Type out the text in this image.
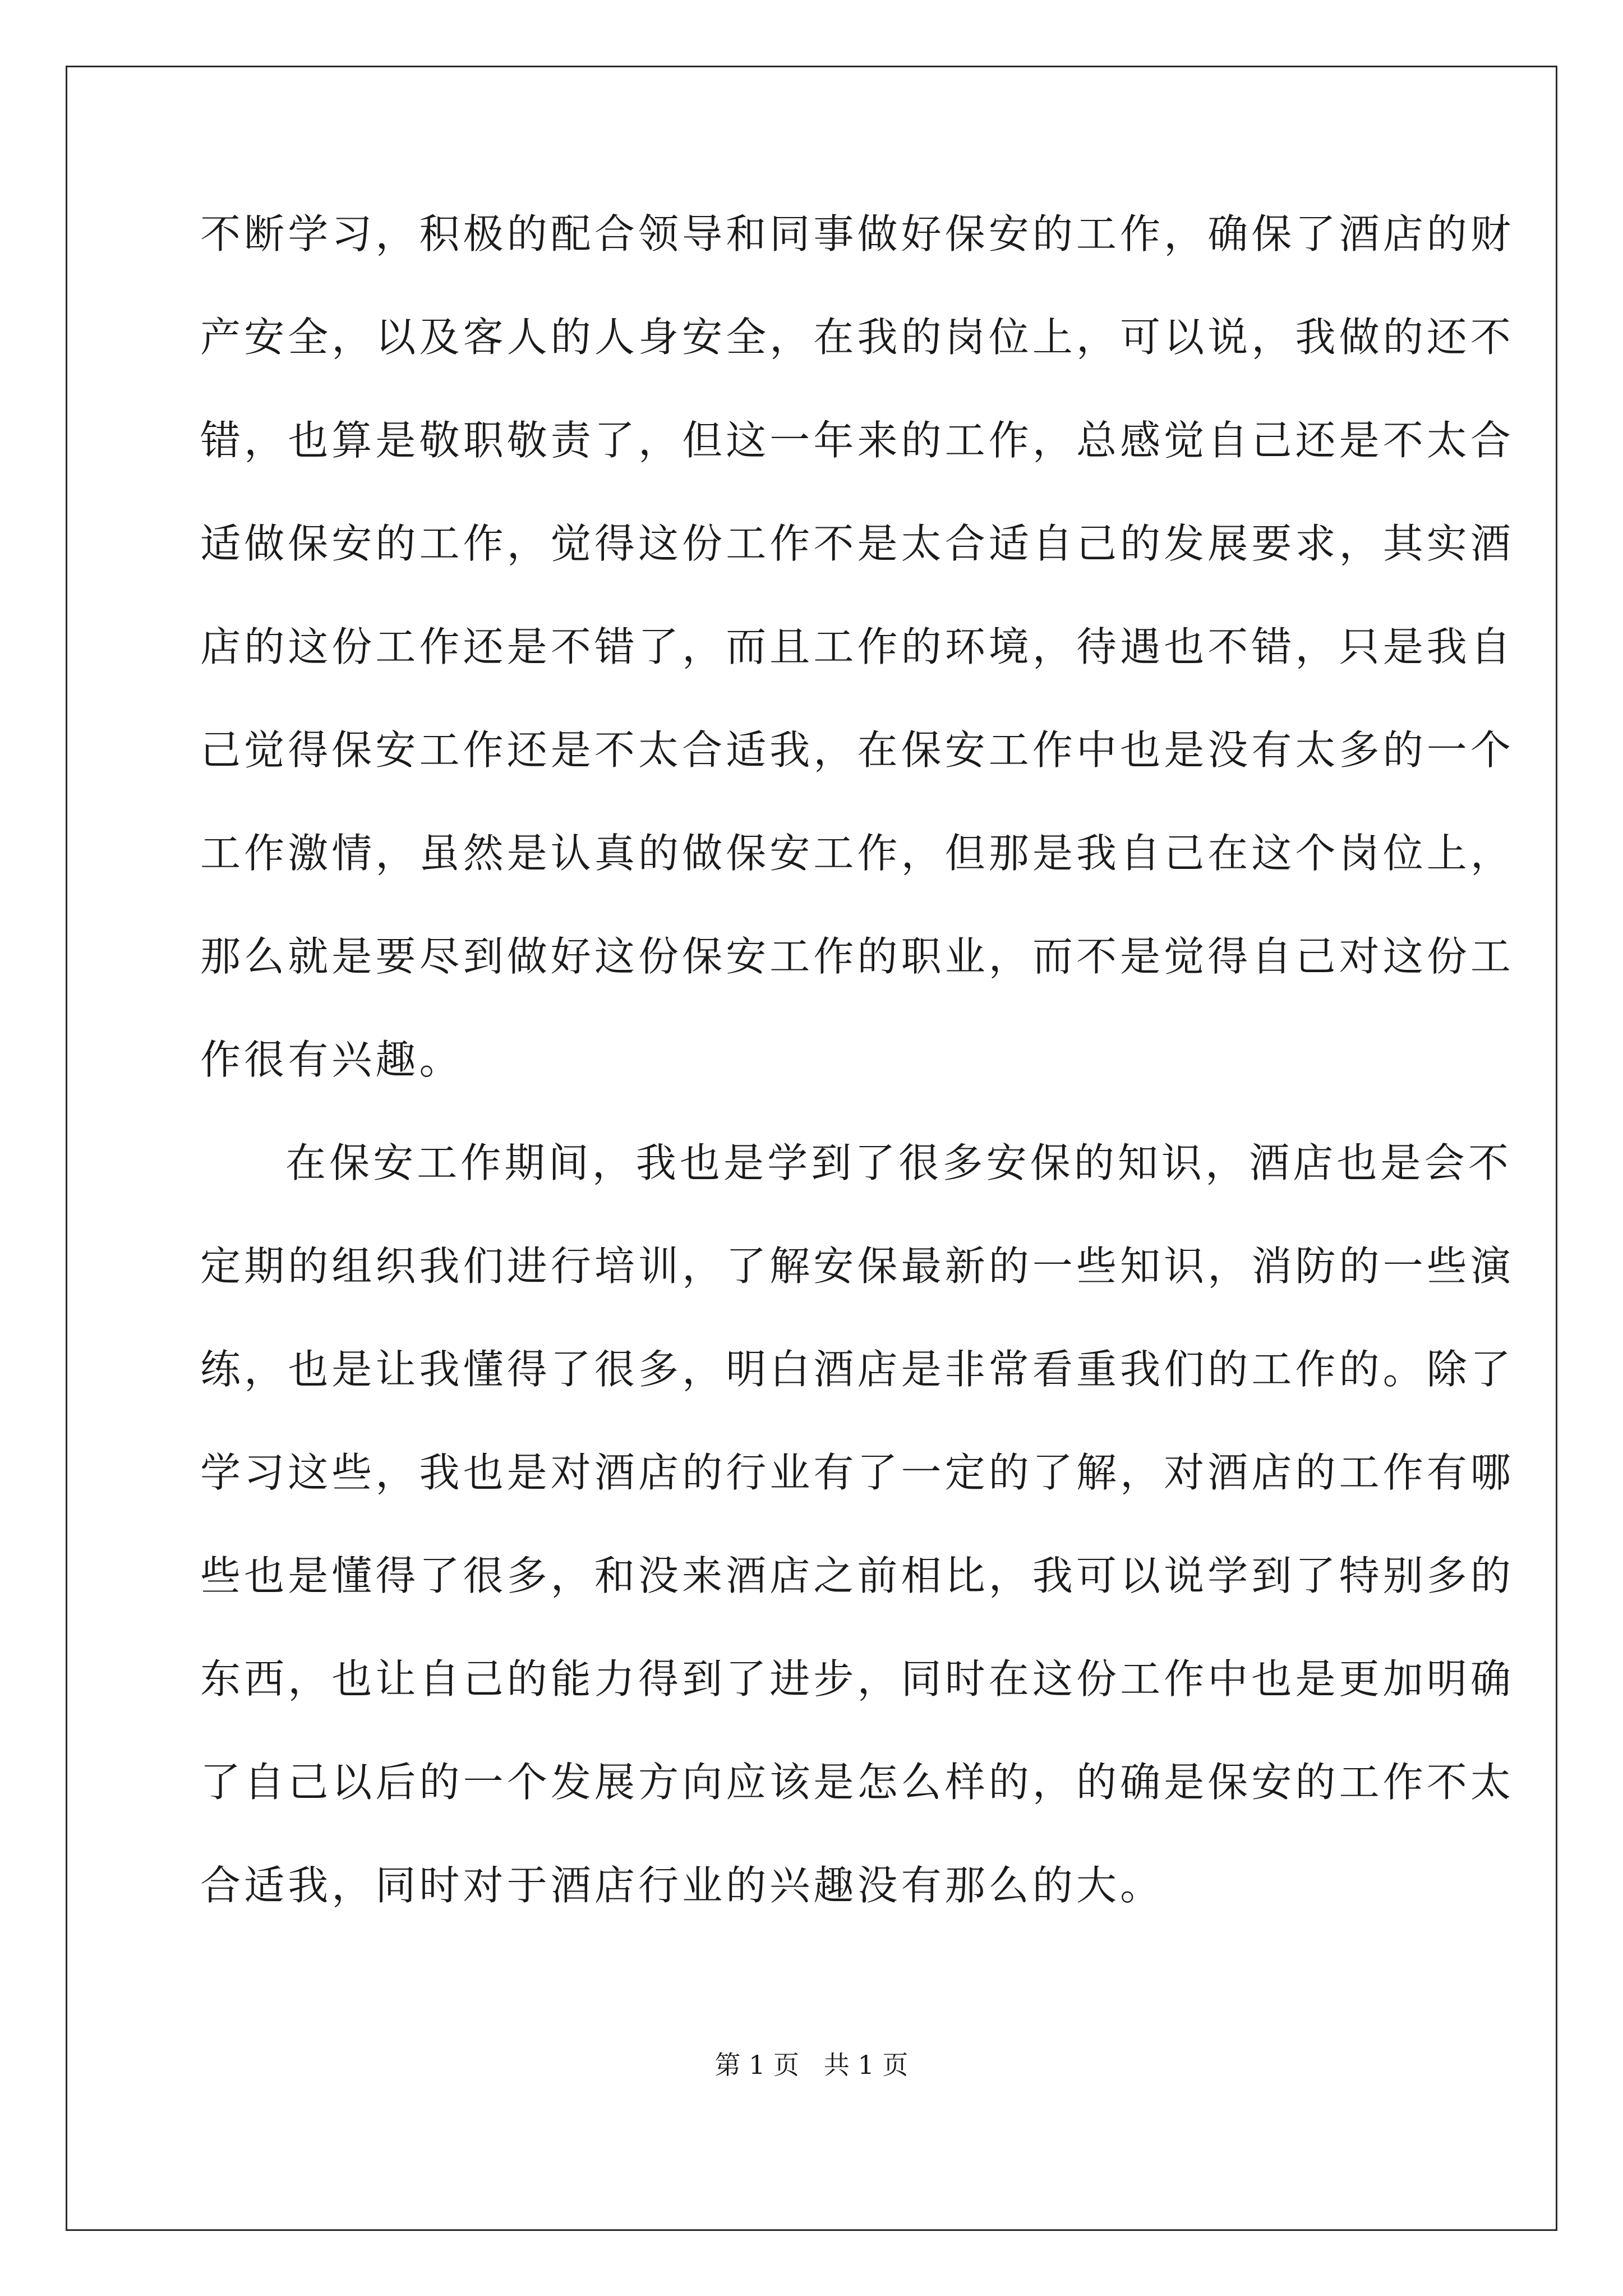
不断学习，积极的配合领导和同事做好保安的工作，确保了酒店的财
产安全，以及客人的人身安全，在我的岗位上，可以说，我做的还不
错，也算是敬职敬责了，但这一年来的工作，总感觉自己还是不太合
适做保安的工作，觉得这份工作不是太合适自己的发展要求，其实酒
店的这份工作还是不错了，而且工作的环境，待遇也不错，只是我自
己觉得保安工作还是不太合适我，在保安工作中也是没有太多的一个
工作激情，虽然是认真的做保安工作，但那是我自己在这个岗位上，
那么就是要尽到做好这份保安工作的职业，而不是觉得自己对这份工
作很有兴趣。
在保安工作期间，我也是学到了很多安保的知识，酒店也是会不
定期的组织我们进行培训，了解安保最新的一些知识，消防的一些演
练，也是让我懂得了很多，明白酒店是非常看重我们的工作的。除了
学习这些，我也是对酒店的行业有了一定的了解，对酒店的工作有哪
些也是懂得了很多，和没来酒店之前相比，我可以说学到了特别多的
东西，也让自己的能力得到了进步，同时在这份工作中也是更加明确
了自己以后的一个发展方向应该是怎么样的，的确是保安的工作不太
合适我，同时对于酒店行业的兴趣没有那么的大。
第 1 页   共 1 页
